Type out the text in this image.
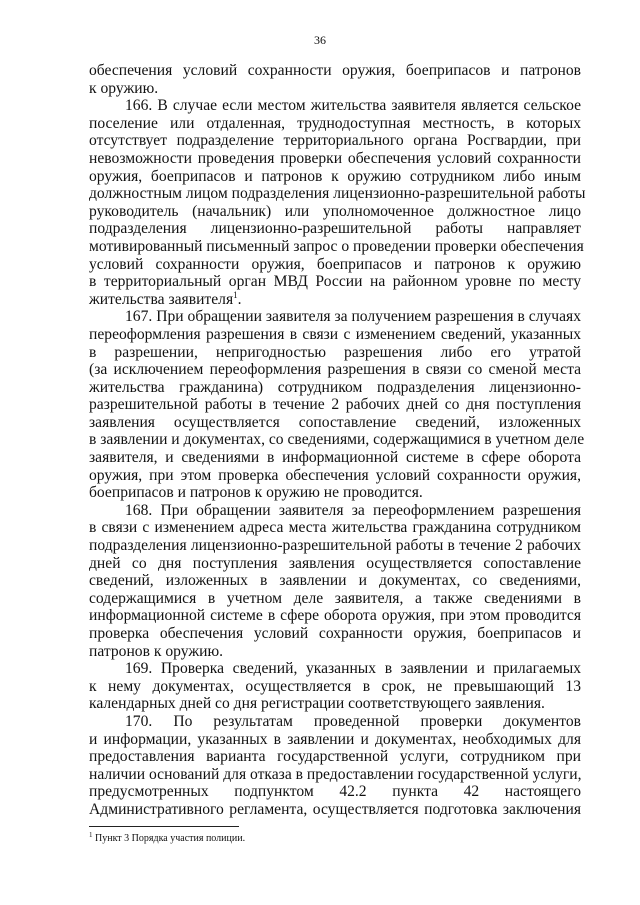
36
обеспечения условий сохранности оружия, боеприпасов и патронов
к оружию.
166. В случае если местом жительства заявителя является сельское
поселение или отдаленная, труднодоступная местность, в которых
отсутствует подразделение территориального органа Росгвардии, при
невозможности проведения проверки обеспечения условий сохранности
оружия, боеприпасов и патронов к оружию сотрудником либо иным
должностным лицом подразделения лицензионно-разрешительной работы
руководитель (начальник) или уполномоченное должностное лицо
подразделения лицензионно-разрешительной работы направляет
мотивированный письменный запрос о проведении проверки обеспечения
условий сохранности оружия, боеприпасов и патронов к оружию
в территориальный орган МВД России на районном уровне по месту
жительства заявителя$^1$.
167. При обращении заявителя за получением разрешения в случаях
переоформления разрешения в связи с изменением сведений, указанных
в разрешении, непригодностью разрешения либо его утратой
(за исключением переоформления разрешения в связи со сменой места
жительства гражданина) сотрудником подразделения лицензионно-
разрешительной работы в течение 2 рабочих дней со дня поступления
заявления осуществляется сопоставление сведений, изложенных
в заявлении и документах, со сведениями, содержащимися в учетном деле
заявителя, и сведениями в информационной системе в сфере оборота
оружия, при этом проверка обеспечения условий сохранности оружия,
боеприпасов и патронов к оружию не проводится.
168. При обращении заявителя за переоформлением разрешения
в связи с изменением адреса места жительства гражданина сотрудником
подразделения лицензионно-разрешительной работы в течение 2 рабочих
дней со дня поступления заявления осуществляется сопоставление
сведений, изложенных в заявлении и документах, со сведениями,
содержащимися в учетном деле заявителя, а также сведениями в
информационной системе в сфере оборота оружия, при этом проводится
проверка обеспечения условий сохранности оружия, боеприпасов и
патронов к оружию.
169. Проверка сведений, указанных в заявлении и прилагаемых
к нему документах, осуществляется в срок, не превышающий 13
календарных дней со дня регистрации соответствующего заявления.
170. По результатам проведенной проверки документов
и информации, указанных в заявлении и документах, необходимых для
предоставления варианта государственной услуги, сотрудником при
наличии оснований для отказа в предоставлении государственной услуги,
предусмотренных подпунктом 42.2 пункта 42 настоящего
Административного регламента, осуществляется подготовка заключения
$^1$ Пункт 3 Порядка участия полиции.
